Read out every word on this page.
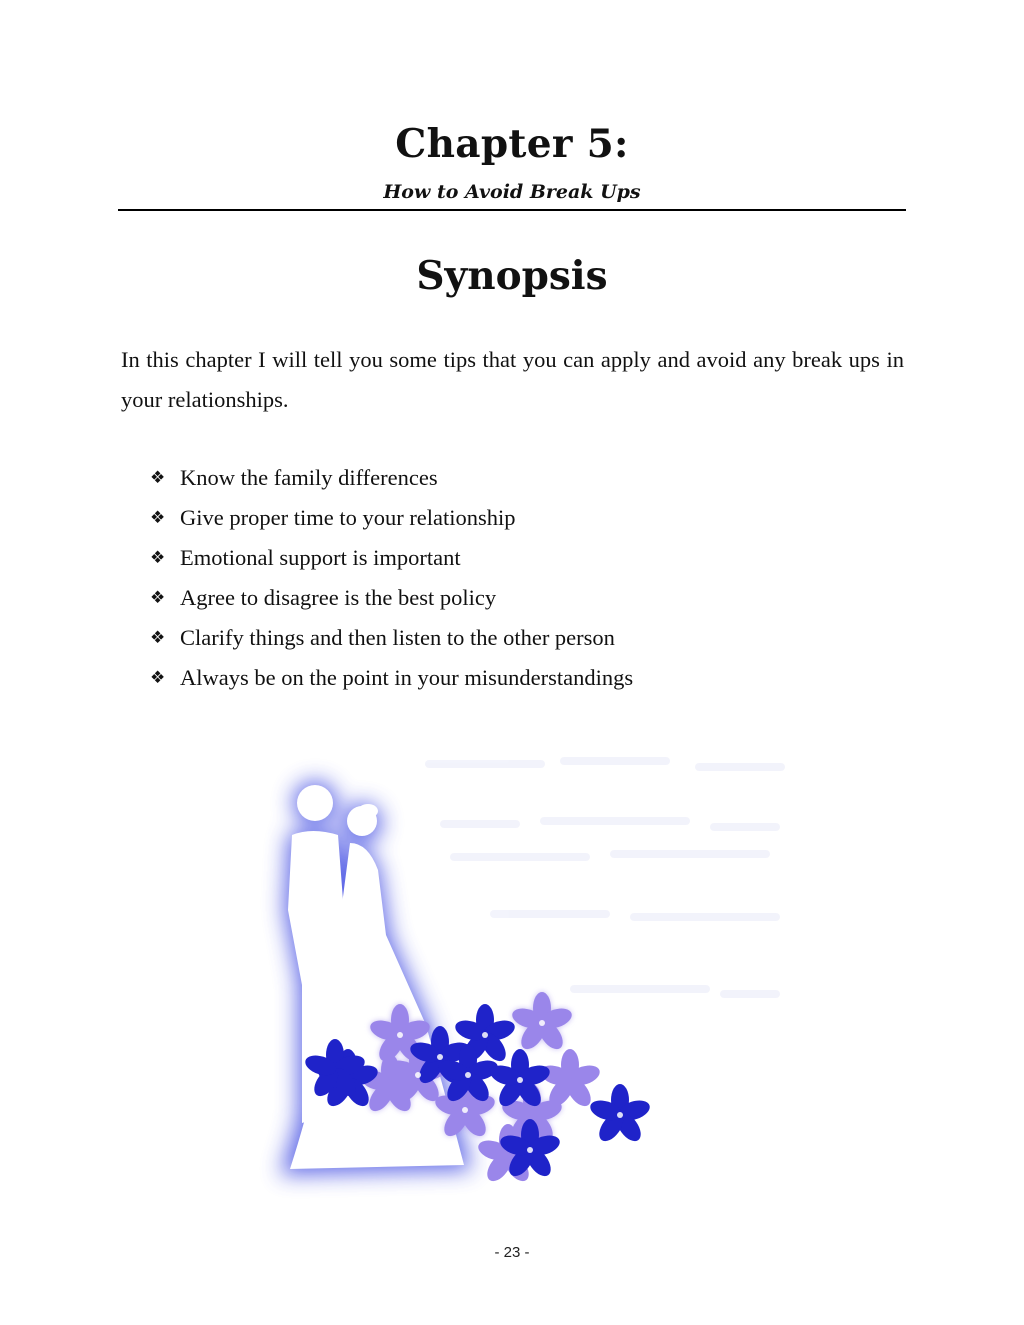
Chapter 5:
How to Avoid Break Ups
Synopsis

In this chapter I will tell you some tips that you can apply and avoid any break ups in your relationships.

❖ Know the family differences
❖ Give proper time to your relationship
❖ Emotional support is important
❖ Agree to disagree is the best policy
❖ Clarify things and then listen to the other person
❖ Always be on the point in your misunderstandings
- 23 -
